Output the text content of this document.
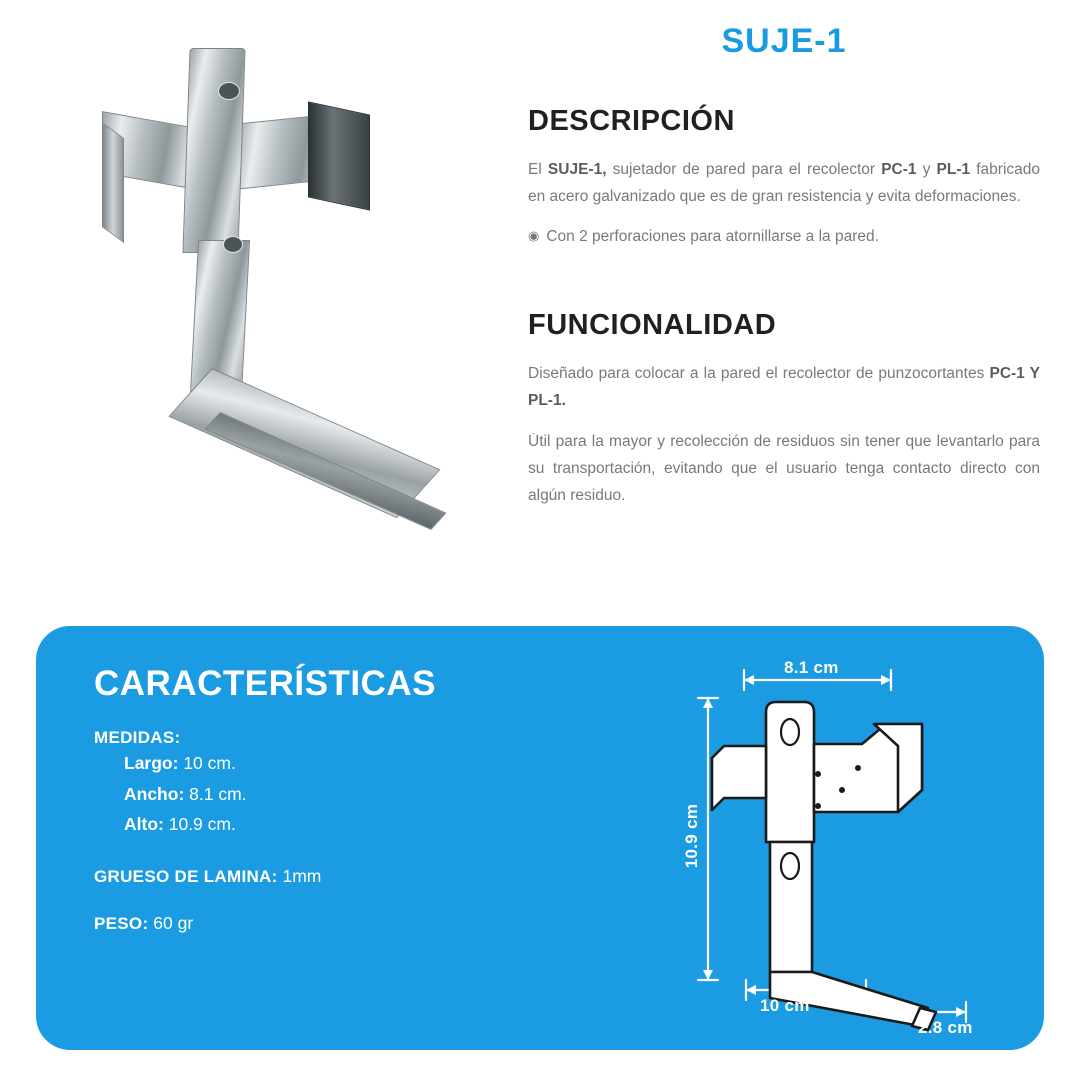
SUJE-1
DESCRIPCIÓN

El SUJE-1, sujetador de pared para el recolector PC-1 y PL-1 fabricado en acero galvanizado que es de gran resistencia y evita deformaciones.

◉ Con 2 perforaciones para atornillarse a la pared.
FUNCIONALIDAD

Diseñado para colocar a la pared el recolector de punzocortantes PC-1 Y PL-1.

Útil para la mayor y recolección de residuos sin tener que levantarlo para su transportación, evitando que el usuario tenga contacto directo con algún residuo.

CARACTERÍSTICAS
MEDIDAS:
Largo: 10 cm.
Ancho: 8.1 cm.
Alto: 10.9 cm.
GRUESO DE LAMINA: 1mm
PESO: 60 gr
8.1 cm
10.9 cm
10 cm
2.8 cm
